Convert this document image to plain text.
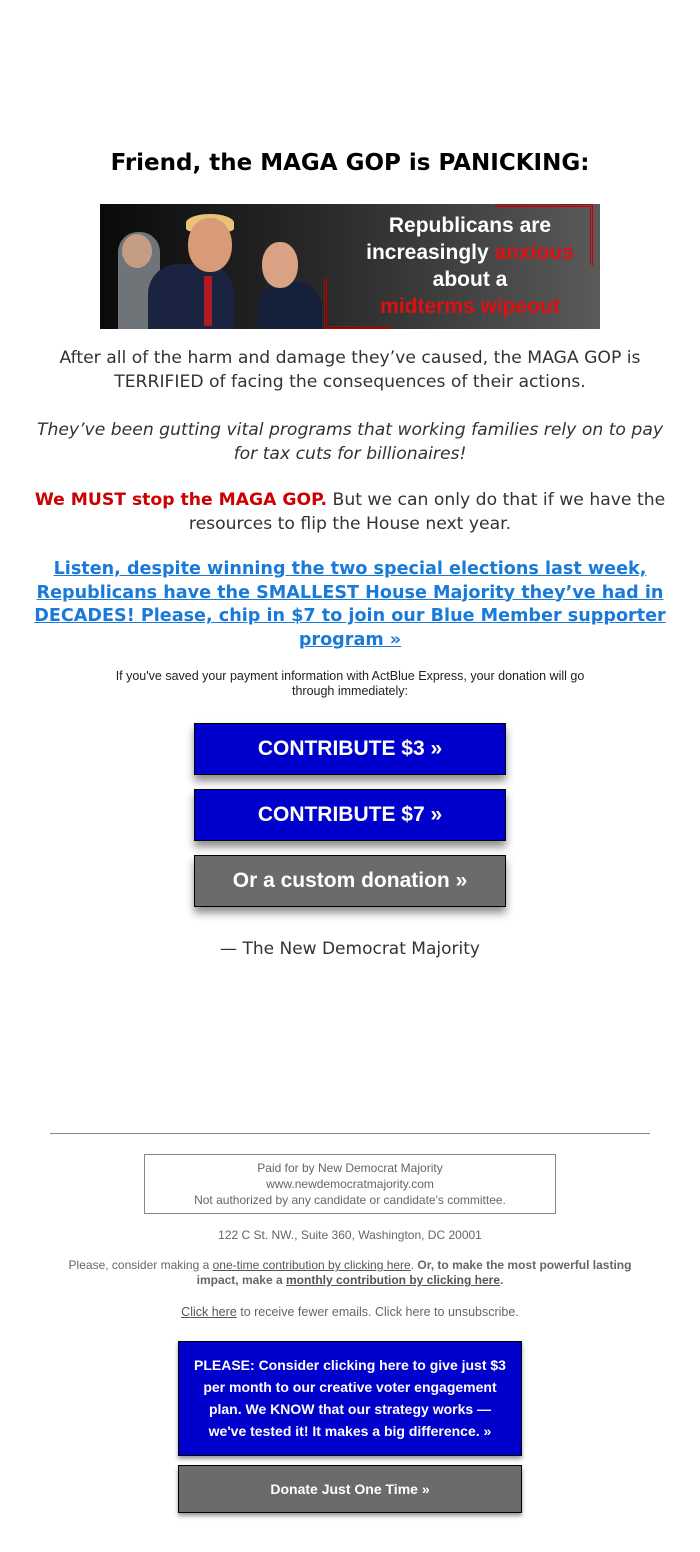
Friend, the MAGA GOP is PANICKING:
Republicans are
increasingly anxious
about a
midterms wipeout
After all of the harm and damage they’ve caused, the MAGA GOP is TERRIFIED of facing the consequences of their actions.
They’ve been gutting vital programs that working families rely on to pay for tax cuts for billionaires!
We MUST stop the MAGA GOP. But we can only do that if we have the resources to flip the House next year.
Listen, despite winning the two special elections last week, Republicans have the SMALLEST House Majority they’ve had in DECADES! Please, chip in $7 to join our Blue Member supporter program »
If you've saved your payment information with ActBlue Express, your donation will go through immediately:
CONTRIBUTE $3 »
CONTRIBUTE $7 »
Or a custom donation »
— The New Democrat Majority
Paid for by New Democrat Majority
www.newdemocratmajority.com
Not authorized by any candidate or candidate's committee.
122 C St. NW., Suite 360, Washington, DC 20001
Please, consider making a one-time contribution by clicking here. Or, to make the most powerful lasting impact, make a monthly contribution by clicking here.
Click here to receive fewer emails. Click here to unsubscribe.
PLEASE: Consider clicking here to give just $3 per month to our creative voter engagement plan. We KNOW that our strategy works — we've tested it! It makes a big difference. »
Donate Just One Time »
